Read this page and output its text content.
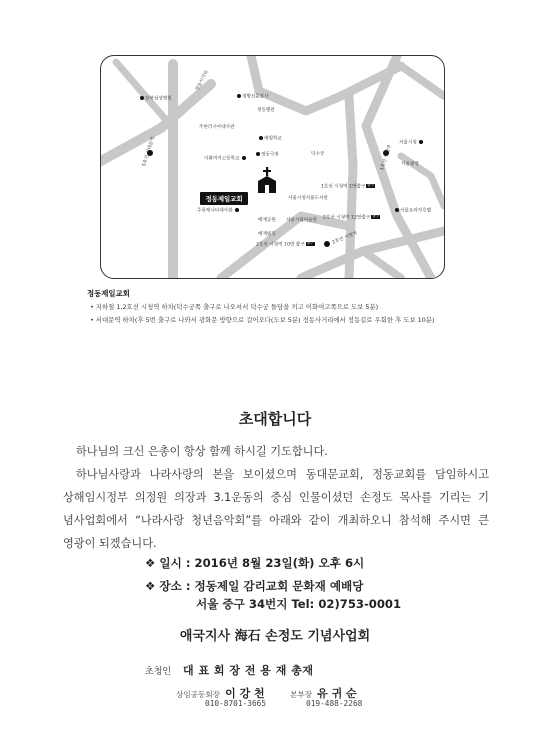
강북삼성병원
정동사거리
경향신문본사
정동별관
주한러시아대사관
예원학교
이화여자고등학교
정동극장	덕수궁
서울시청
서울광장
5호선 서대문역	1호선 시청역
1호선 시청역 1번출구 출구
서울시청서울도서관
2호선 시청역 12번출구 출구
서울프라자호텔
주한캐나다대사관
배재공원 서울시립미술관
배재빌딩
2호선 시청역 10번 출구 출구	2호선 시청역
정동제일교회
정동제일교회
• 지하철 1,2호선 시청역 하차(덕수궁쪽 출구로 나오셔서 덕수궁 돌담을 끼고 이화여고쪽으로 도보 5분)
• 서대문역 하차(후 5번 출구로 나와서 광화문 방향으로 걸어오다(도보 5분) 정동사거리에서 정동길로 우회한 후 도보 10분)
초대합니다
하나님의 크신 은총이 항상 함께 하시길 기도합니다.
하나님사랑과 나라사랑의 본을 보이셨으며 동대문교회, 정동교회를 담임하시고
상해임시정부 의정원 의장과 3.1운동의 중심 인물이셨던 손정도 목사를 기리는 기
념사업회에서 “나라사랑 청년음악회”를 아래와 같이 개최하오니 참석해 주시면 큰
영광이 되겠습니다.
❖ 일시 : 2016년 8월 23일(화) 오후 6시
❖ 장소 : 정동제일 감리교회 문화재 예배당
서울 중구 34번지 Tel: 02)753-0001
애국지사 海石 손정도 기념사업회
초청인 대 표 회 장 전 용 재 총재
상임공동회장 이 강 천	본부장 유 귀 순
010-8701-3665	019-488-2268
